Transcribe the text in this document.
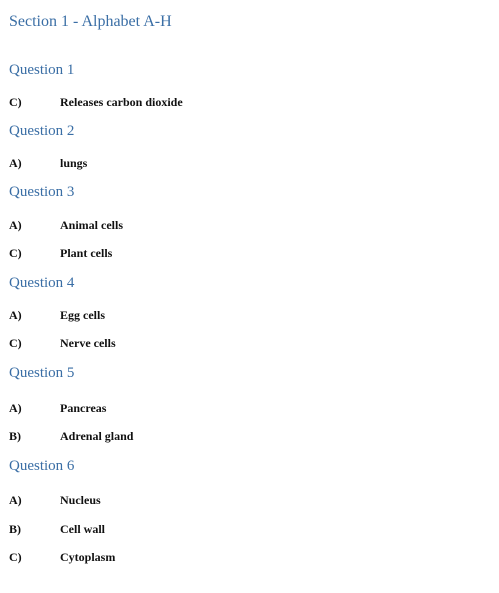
Section 1 - Alphabet A-H
Question 1
C)	Releases carbon dioxide
Question 2
A)	lungs
Question 3
A)	Animal cells
C)	Plant cells
Question 4
A)	Egg cells
C)	Nerve cells
Question 5
A)	Pancreas
B)	Adrenal gland
Question 6
A)	Nucleus
B)	Cell wall
C)	Cytoplasm
